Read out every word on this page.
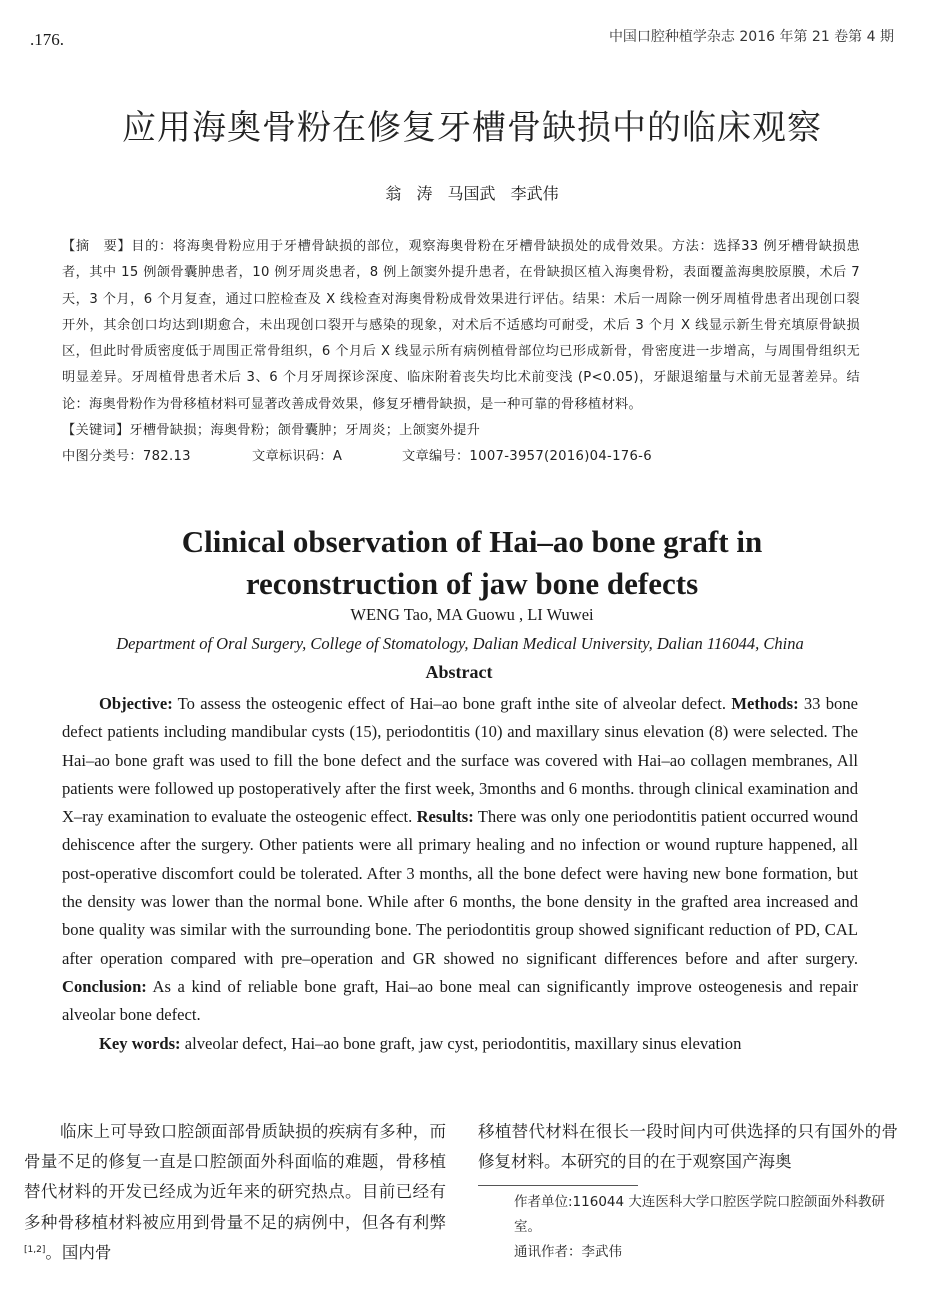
.176.	中国口腔种植学杂志 2016 年第 21 卷第 4 期
应用海奥骨粉在修复牙槽骨缺损中的临床观察
翁 涛 马国武 李武伟

【摘　要】目的：将海奥骨粉应用于牙槽骨缺损的部位，观察海奥骨粉在牙槽骨缺损处的成骨效果。方法：选择33 例牙槽骨缺损患者，其中 15 例颌骨囊肿患者，10 例牙周炎患者，8 例上颌窦外提升患者，在骨缺损区植入海奥骨粉，表面覆盖海奥胶原膜，术后 7 天，3 个月，6 个月复查，通过口腔检查及 X 线检查对海奥骨粉成骨效果进行评估。结果：术后一周除一例牙周植骨患者出现创口裂开外，其余创口均达到Ⅰ期愈合，未出现创口裂开与感染的现象，对术后不适感均可耐受，术后 3 个月 X 线显示新生骨充填原骨缺损区，但此时骨质密度低于周围正常骨组织，6 个月后 X 线显示所有病例植骨部位均已形成新骨，骨密度进一步增高，与周围骨组织无明显差异。牙周植骨患者术后 3、6 个月牙周探诊深度、临床附着丧失均比术前变浅 (P<0.05)，牙龈退缩量与术前无显著差异。结论：海奥骨粉作为骨移植材料可显著改善成骨效果，修复牙槽骨缺损，是一种可靠的骨移植材料。

【关键词】牙槽骨缺损；海奥骨粉；颌骨囊肿；牙周炎；上颌窦外提升

中图分类号：782.13	文章标识码：A	文章编号：1007-3957(2016)04-176-6
Clinical observation of Hai–ao bone graft in
reconstruction of jaw bone defects
WENG Tao, MA Guowu , LI Wuwei
Department of Oral Surgery, College of Stomatology, Dalian Medical University, Dalian 116044, China
Abstract

Objective: To assess the osteogenic effect of Hai–ao bone graft inthe site of alveolar defect. Methods: 33 bone defect patients including mandibular cysts (15), periodontitis (10) and maxillary sinus elevation (8) were selected. The Hai–ao bone graft was used to fill the bone defect and the surface was covered with Hai–ao collagen membranes, All patients were followed up postoperatively after the first week, 3months and 6 months. through clinical examination and X–ray examination to evaluate the osteogenic effect. Results: There was only one periodontitis patient occurred wound dehiscence after the surgery. Other patients were all primary healing and no infection or wound rupture happened, all post-operative discomfort could be tolerated. After 3 months, all the bone defect were having new bone formation, but the density was lower than the normal bone. While after 6 months, the bone density in the grafted area increased and bone quality was similar with the surrounding bone. The periodontitis group showed significant reduction of PD, CAL after operation compared with pre–operation and GR showed no significant differences before and after surgery. Conclusion: As a kind of reliable bone graft, Hai–ao bone meal can significantly improve osteogenesis and repair alveolar bone defect.

Key words: alveolar defect, Hai–ao bone graft, jaw cyst, periodontitis, maxillary sinus elevation

临床上可导致口腔颌面部骨质缺损的疾病有多种，而骨量不足的修复一直是口腔颌面外科面临的难题，骨移植替代材料的开发已经成为近年来的研究热点。目前已经有多种骨移植材料被应用到骨量不足的病例中，但各有利弊[1,2]。国内骨

移植替代材料在很长一段时间内可供选择的只有国外的骨修复材料。本研究的目的在于观察国产海奥

作者单位:116044 大连医科大学口腔医学院口腔颌面外科教研室。

通讯作者：李武伟
